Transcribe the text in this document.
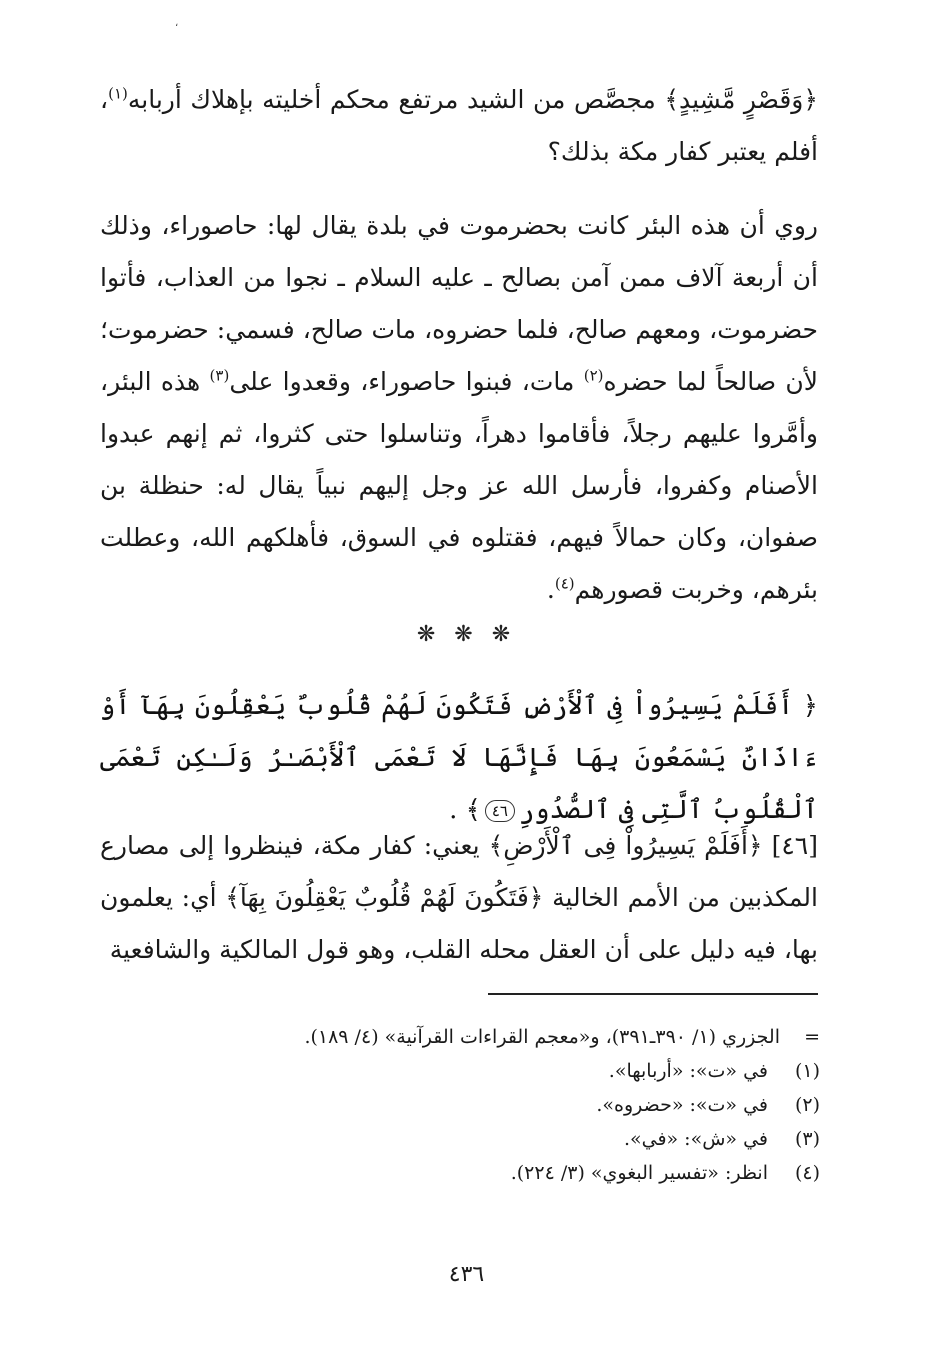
،

﴿وَقَصْرٍ مَّشِيدٍ﴾ مجصَّص من الشيد مرتفع محكم أخليته بإهلاك أربابه$^{(١)}$، أفلم يعتبر كفار مكة بذلك؟

روي أن هذه البئر كانت بحضرموت في بلدة يقال لها: حاصوراء، وذلك أن أربعة آلاف ممن آمن بصالح ـ عليه السلام ـ نجوا من العذاب، فأتوا حضرموت، ومعهم صالح، فلما حضروه، مات صالح، فسمي: حضرموت؛ لأن صالحاً لما حضره$^{(٢)}$ مات، فبنوا حاصوراء، وقعدوا على$^{(٣)}$ هذه البئر، وأمَّروا عليهم رجلاً، فأقاموا دهراً، وتناسلوا حتى كثروا، ثم إنهم عبدوا الأصنام وكفروا، فأرسل الله عز وجل إليهم نبياً يقال له: حنظلة بن صفوان، وكان حمالاً فيهم، فقتلوه في السوق، فأهلكهم الله، وعطلت بئرهم، وخربت قصورهم$^{(٤)}$.

❋ ❋ ❋

﴿ أَفَلَمْ يَسِيرُواْ فِى ٱلْأَرْضِ فَتَكُونَ لَهُمْ قُلُوبٌ يَعْقِلُونَ بِهَآ أَوْ ءَاذَانٌ يَسْمَعُونَ بِهَا فَإِنَّهَا لَا تَعْمَى ٱلْأَبْصَـٰرُ وَلَـٰكِن تَعْمَى ٱلْقُلُوبُ ٱلَّتِى فِى ٱلصُّدُورِ٤٦﴾ .

[٤٦] ﴿أَفَلَمْ يَسِيرُواْ فِى ٱلْأَرْضِ﴾ يعني: كفار مكة، فينظروا إلى مصارع المكذبين من الأمم الخالية ﴿فَتَكُونَ لَهُمْ قُلُوبٌ يَعْقِلُونَ بِهَآ﴾ أي: يعلمون بها، فيه دليل على أن العقل محله القلب، وهو قول المالكية والشافعية

=
الجزري (١/ ٣٩٠ـ٣٩١)، و«معجم القراءات القرآنية» (٤/ ١٨٩).
(١)
في «ت»: «أربابها».
(٢)
في «ت»: «حضروه».
(٣)
في «ش»: «في».
(٤)
انظر: «تفسير البغوي» (٣/ ٢٢٤).
٤٣٦
